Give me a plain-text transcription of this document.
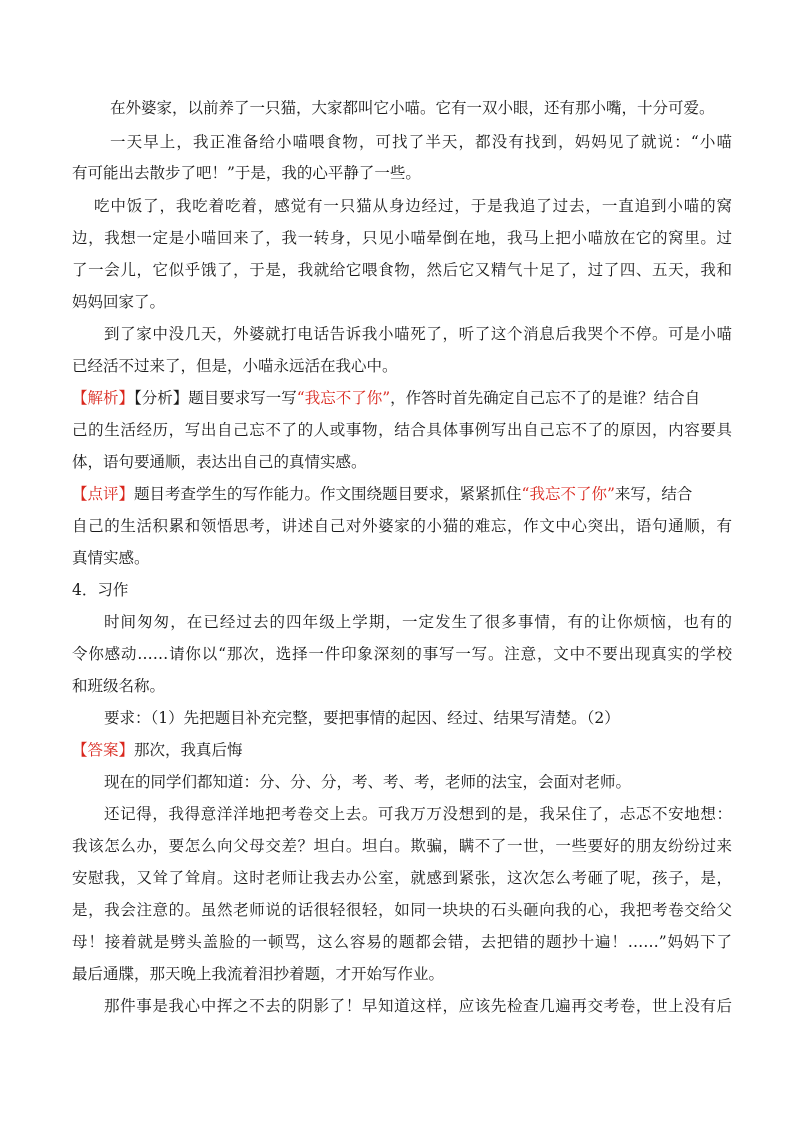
在外婆家，以前养了一只猫，大家都叫它小喵。它有一双小眼，还有那小嘴，十分可爱。
一天早上，我正准备给小喵喂食物，可找了半天，都没有找到，妈妈见了就说：“小喵
有可能出去散步了吧！”于是，我的心平静了一些。
吃中饭了，我吃着吃着，感觉有一只猫从身边经过，于是我追了过去，一直追到小喵的窝
边，我想一定是小喵回来了，我一转身，只见小喵晕倒在地，我马上把小喵放在它的窝里。过
了一会儿，它似乎饿了，于是，我就给它喂食物，然后它又精气十足了，过了四、五天，我和
妈妈回家了。
到了家中没几天，外婆就打电话告诉我小喵死了，听了这个消息后我哭个不停。可是小喵
已经活不过来了，但是，小喵永远活在我心中。
【解析】【分析】题目要求写一写“我忘不了你”，作答时首先确定自己忘不了的是谁？结合自
己的生活经历，写出自己忘不了的人或事物，结合具体事例写出自己忘不了的原因，内容要具
体，语句要通顺，表达出自己的真情实感。
【点评】题目考查学生的写作能力。作文围绕题目要求，紧紧抓住“我忘不了你”来写，结合
自己的生活积累和领悟思考，讲述自己对外婆家的小猫的难忘，作文中心突出，语句通顺，有
真情实感。
4．习作
时间匆匆，在已经过去的四年级上学期，一定发生了很多事情，有的让你烦恼，也有的
令你感动……请你以“那次，选择一件印象深刻的事写一写。注意，文中不要出现真实的学校
和班级名称。
要求：（1）先把题目补充完整，要把事情的起因、经过、结果写清楚。（2）
【答案】那次，我真后悔
现在的同学们都知道：分、分、分，考、考、考，老师的法宝，会面对老师。
还记得，我得意洋洋地把考卷交上去。可我万万没想到的是，我呆住了，忐忑不安地想：
我该怎么办，要怎么向父母交差？坦白。坦白。欺骗，瞒不了一世，一些要好的朋友纷纷过来
安慰我，又耸了耸肩。这时老师让我去办公室，就感到紧张，这次怎么考砸了呢，孩子，是，
是，我会注意的。虽然老师说的话很轻很轻，如同一块块的石头砸向我的心，我把考卷交给父
母！接着就是劈头盖脸的一顿骂，这么容易的题都会错，去把错的题抄十遍！……”妈妈下了
最后通牒，那天晚上我流着泪抄着题，才开始写作业。
那件事是我心中挥之不去的阴影了！早知道这样，应该先检查几遍再交考卷，世上没有后
